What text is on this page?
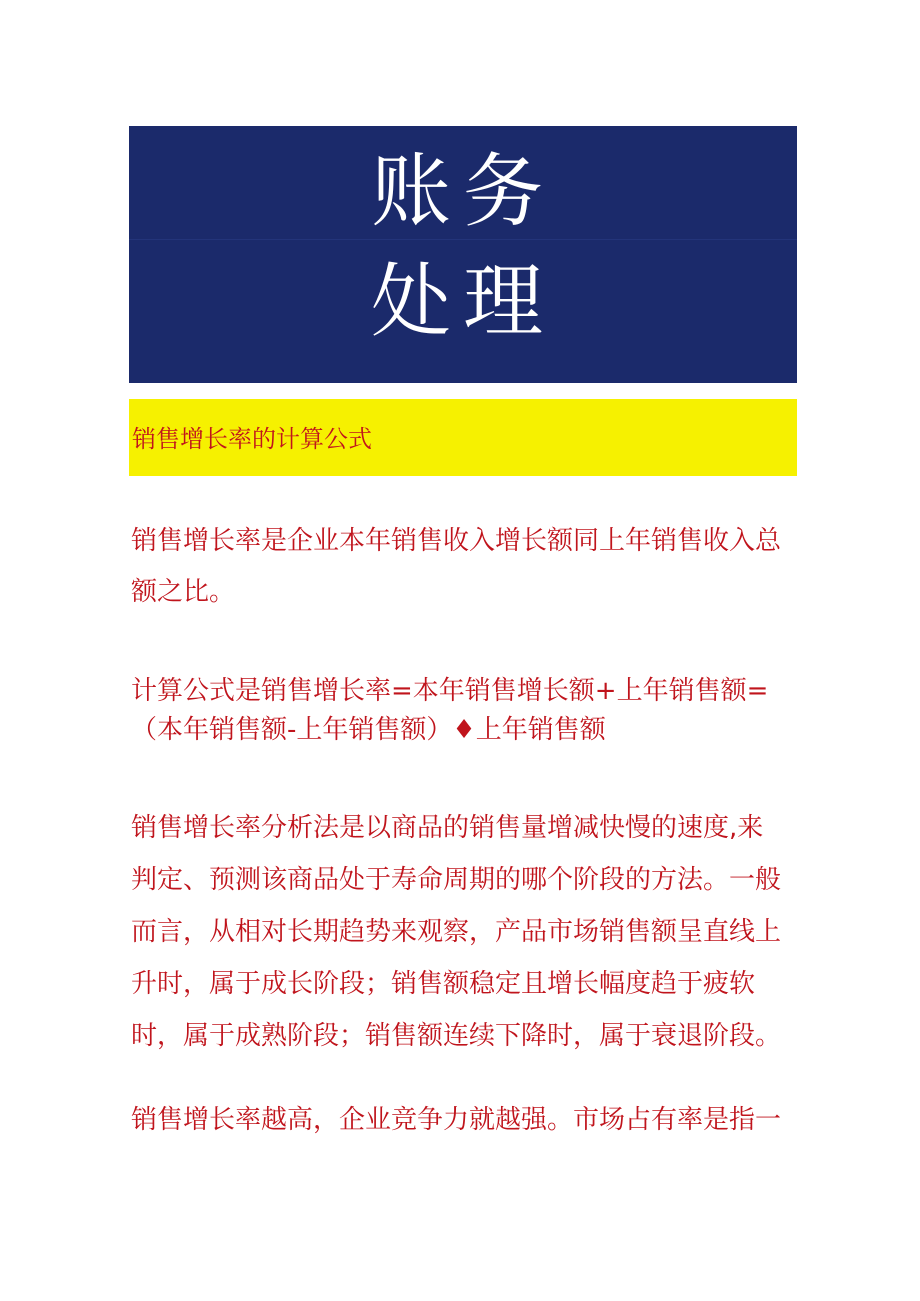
账务
处理
销售增长率的计算公式

销售增长率是企业本年销售收入增长额同上年销售收入总
额之比。

计算公式是销售增长率=本年销售增长额+上年销售额=
（本年销售额-上年销售额）♦上年销售额

销售增长率分析法是以商品的销售量增减快慢的速度,来
判定、预测该商品处于寿命周期的哪个阶段的方法。一般
而言，从相对长期趋势来观察，产品市场销售额呈直线上
升时，属于成长阶段；销售额稳定且增长幅度趋于疲软
时，属于成熟阶段；销售额连续下降时，属于衰退阶段。

销售增长率越高，企业竞争力就越强。市场占有率是指一
